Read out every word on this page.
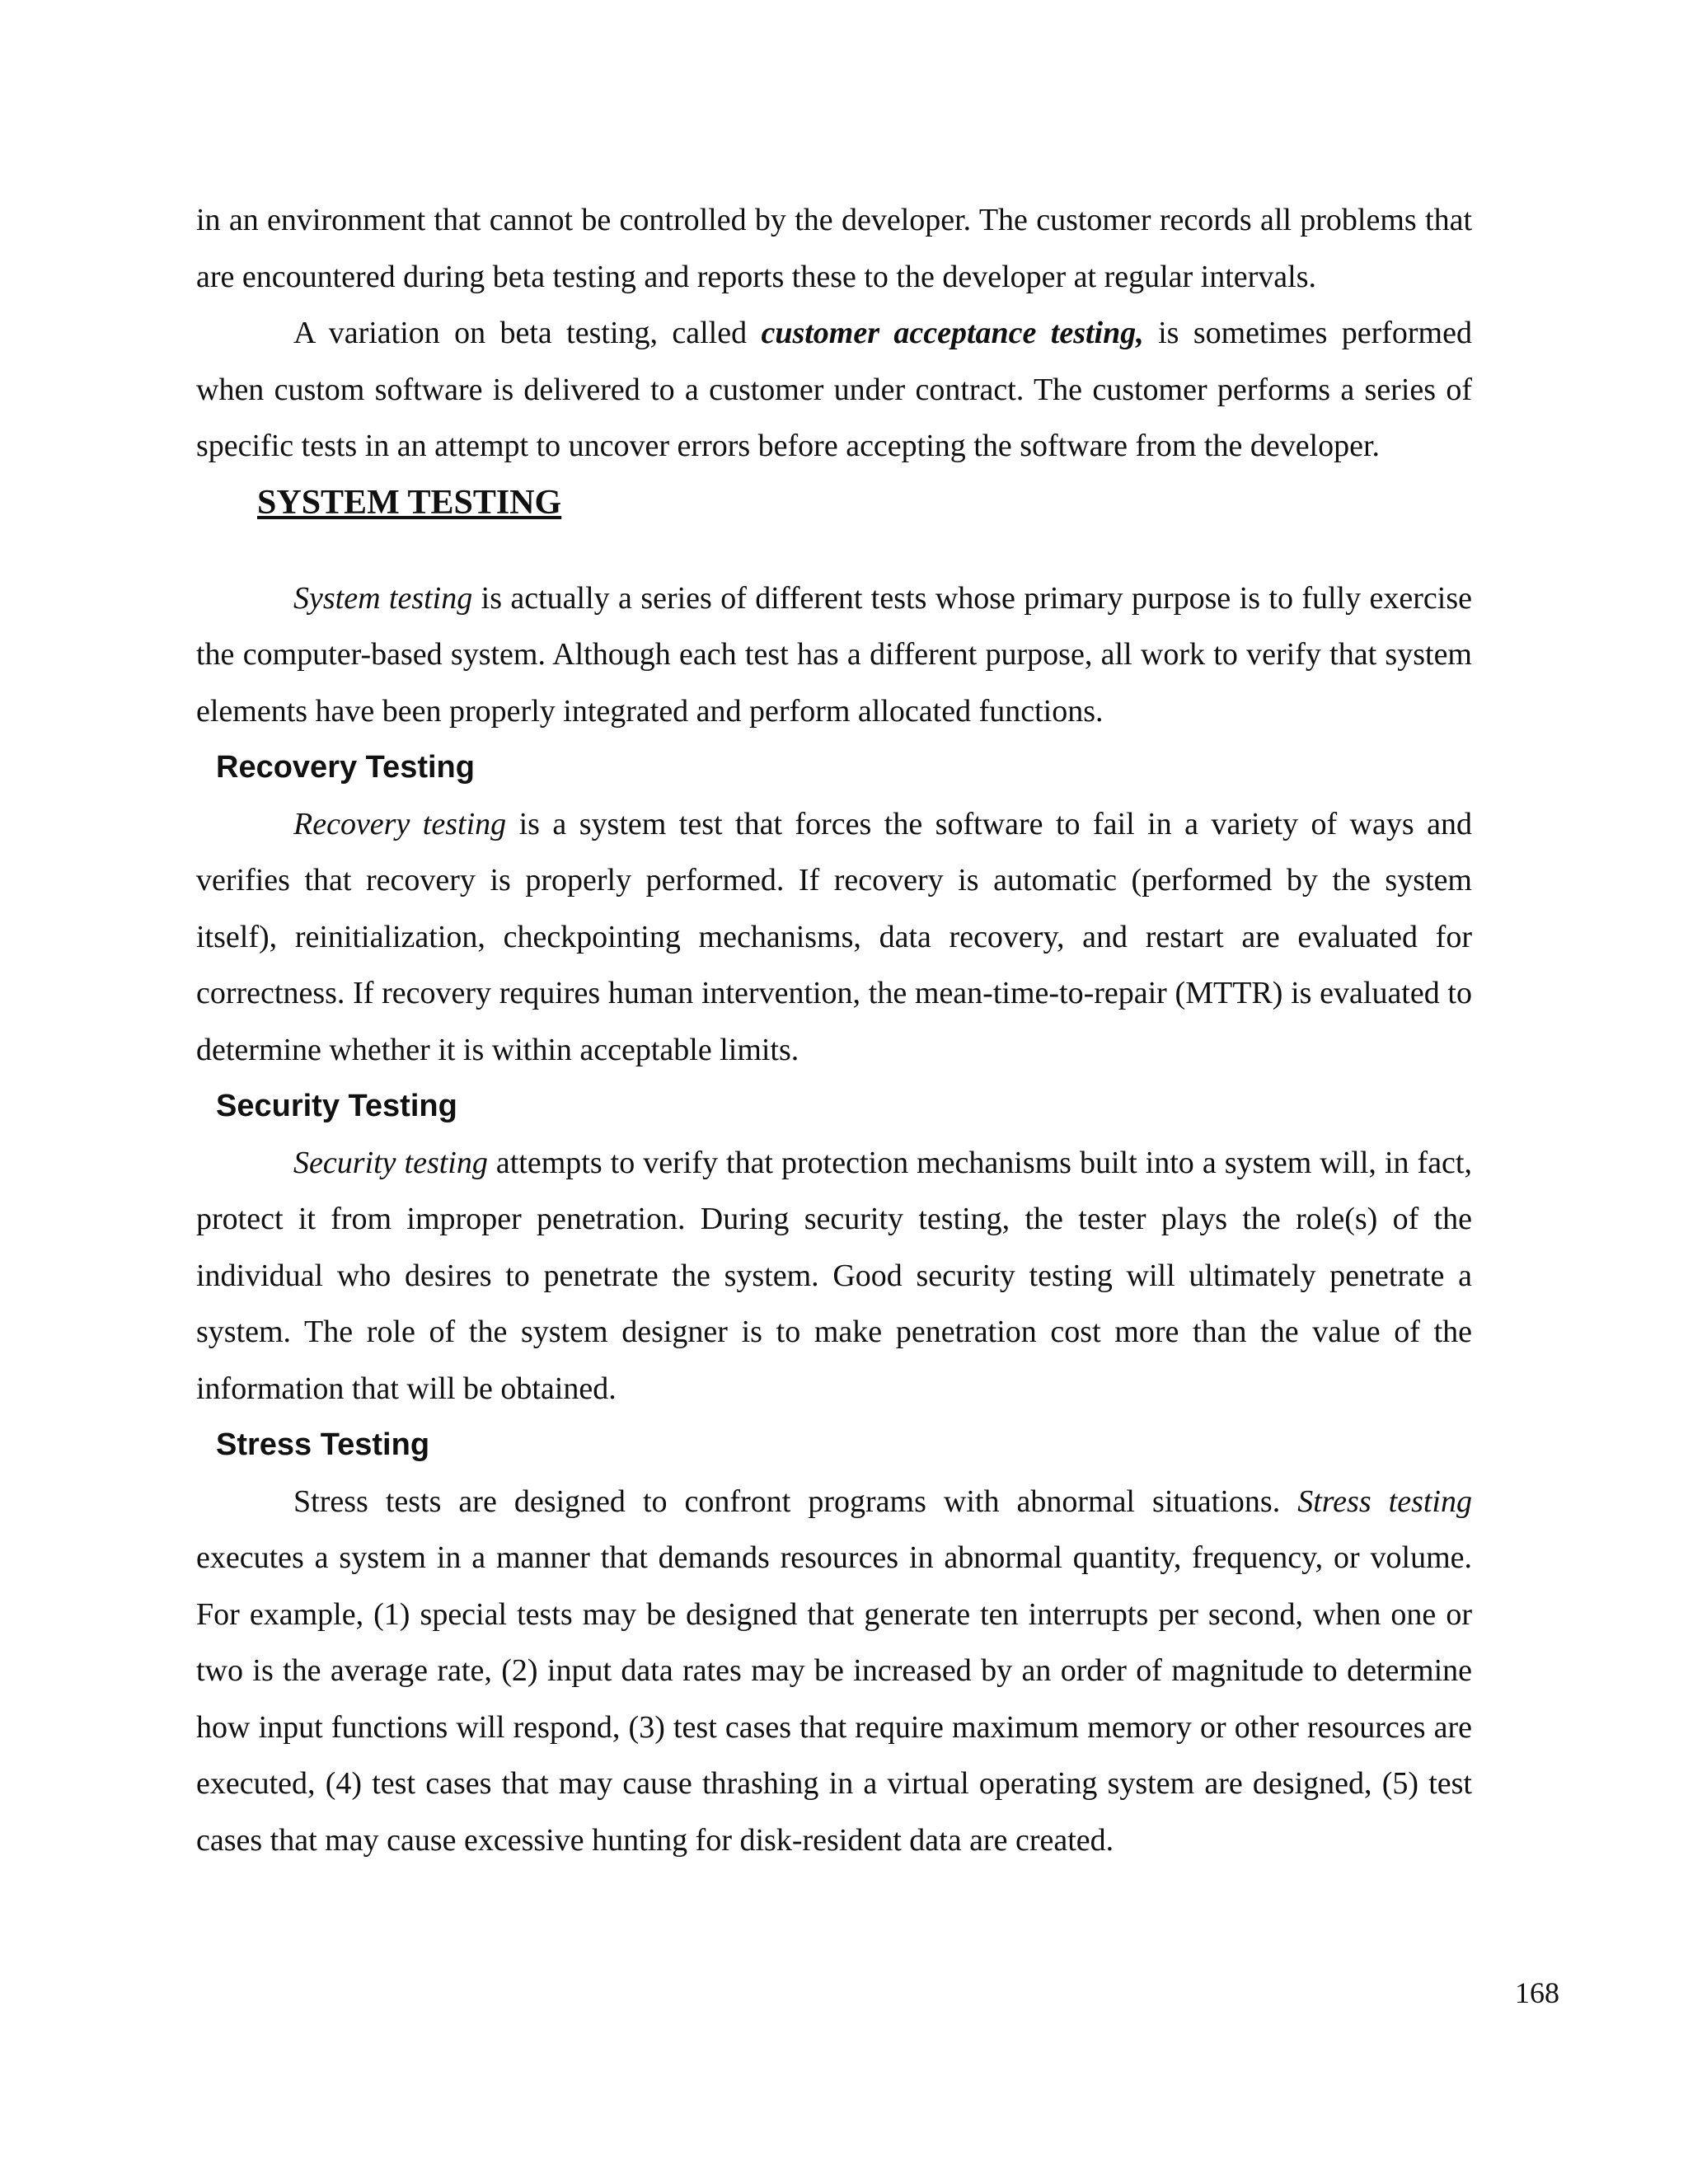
in an environment that cannot be controlled by the developer. The customer records all problems that are encountered during beta testing and reports these to the developer at regular intervals.

A variation on beta testing, called customer acceptance testing, is sometimes performed when custom software is delivered to a customer under contract. The customer performs a series of specific tests in an attempt to uncover errors before accepting the software from the developer.

SYSTEM TESTING

System testing is actually a series of different tests whose primary purpose is to fully exercise the computer-based system. Although each test has a different purpose, all work to verify that system elements have been properly integrated and perform allocated functions.

Recovery Testing

Recovery testing is a system test that forces the software to fail in a variety of ways and verifies that recovery is properly performed. If recovery is automatic (performed by the system itself), reinitialization, checkpointing mechanisms, data recovery, and restart are evaluated for correctness. If recovery requires human intervention, the mean-time-to-repair (MTTR) is evaluated to determine whether it is within acceptable limits.

Security Testing

Security testing attempts to verify that protection mechanisms built into a system will, in fact, protect it from improper penetration. During security testing, the tester plays the role(s) of the individual who desires to penetrate the system. Good security testing will ultimately penetrate a system. The role of the system designer is to make penetration cost more than the value of the information that will be obtained.

Stress Testing

Stress tests are designed to confront programs with abnormal situations. Stress testing executes a system in a manner that demands resources in abnormal quantity, frequency, or volume. For example, (1) special tests may be designed that generate ten interrupts per second, when one or two is the average rate, (2) input data rates may be increased by an order of magnitude to determine how input functions will respond, (3) test cases that require maximum memory or other resources are executed, (4) test cases that may cause thrashing in a virtual operating system are designed, (5) test cases that may cause excessive hunting for disk-resident data are created.

168
